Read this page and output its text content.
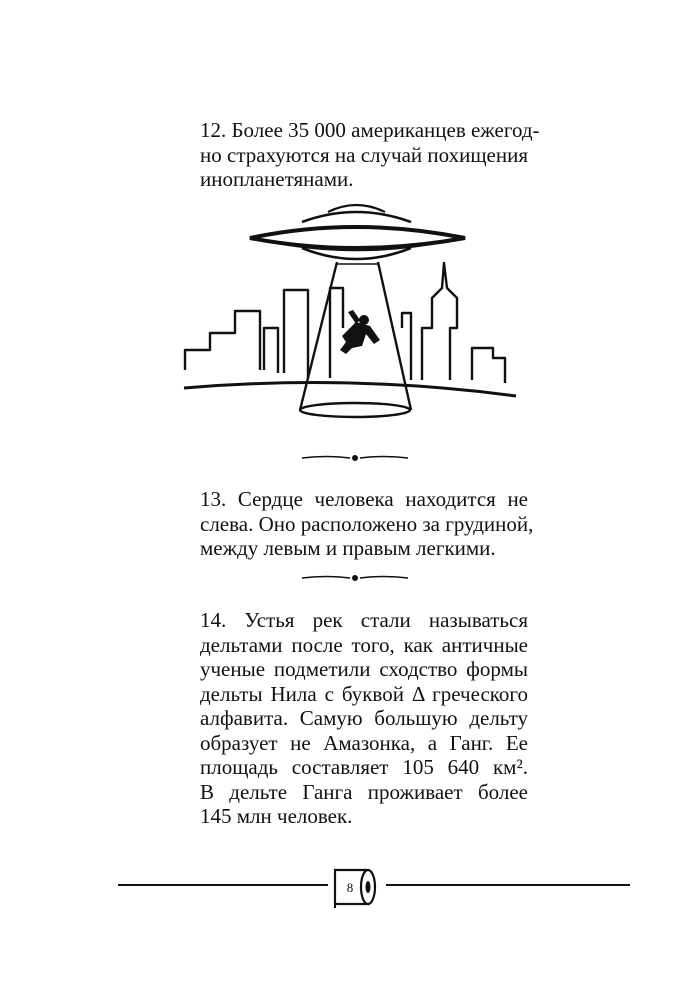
12. Более 35 000 американцев ежегод-
но страхуются на случай похищения
инопланетянами.

13. Сердце человека находится не
слева. Оно расположено за грудиной,
между левым и правым легкими.

14. Устья рек стали называться
дельтами после того, как античные
ученые подметили сходство формы
дельты Нила с буквой Δ греческого
алфавита. Самую большую дельту
образует не Амазонка, а Ганг. Ее
площадь составляет 105 640 км².
В дельте Ганга проживает более
145 млн человек.

8
